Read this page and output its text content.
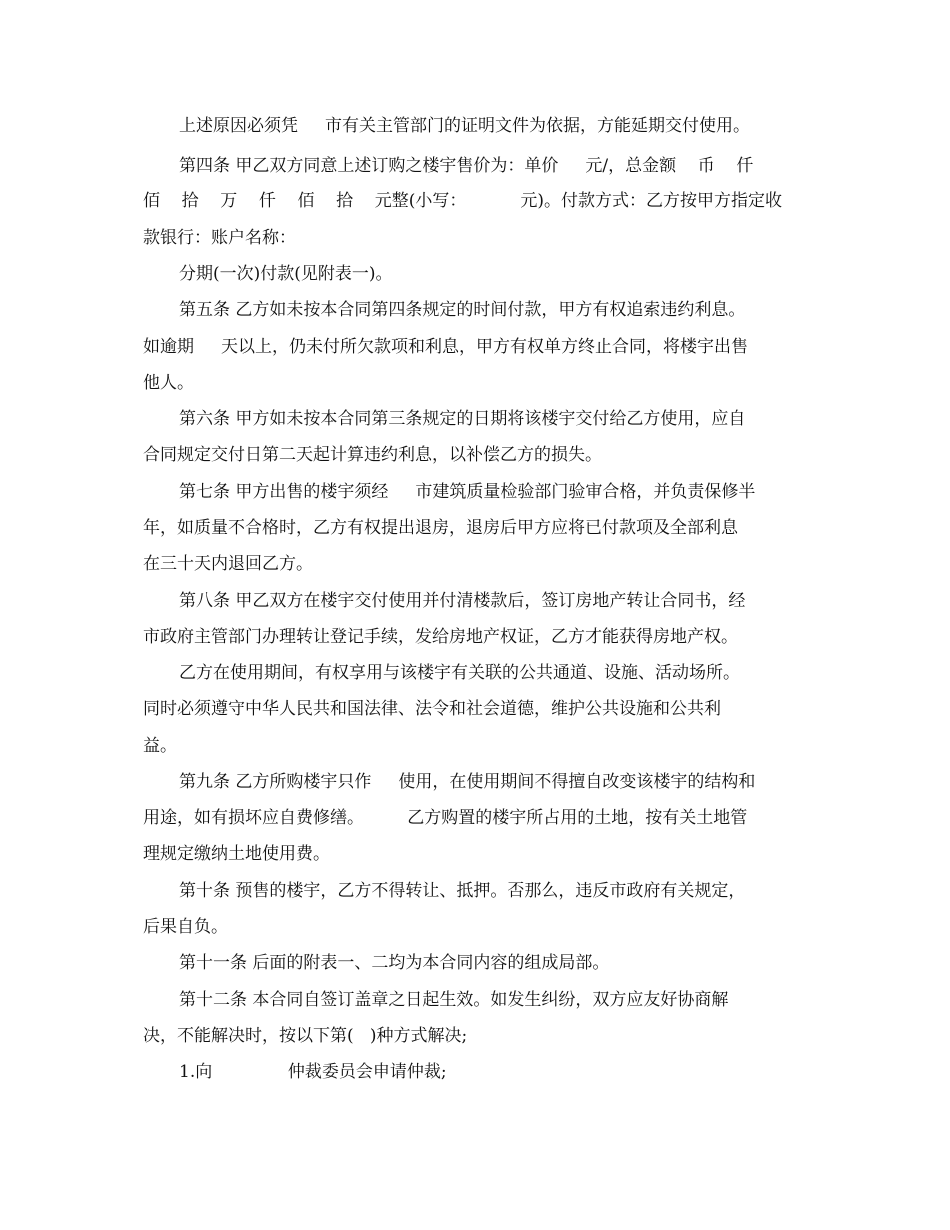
上述原因必须凭     市有关主管部门的证明文件为依据，方能延期交付使用。
第四条 甲乙双方同意上述订购之楼宇售价为：单价     元/，总金额    币    仟
佰    拾    万    仟    佰    拾    元整(小写：          元)。付款方式：乙方按甲方指定收
款银行：账户名称：
分期(一次)付款(见附表一)。
第五条 乙方如未按本合同第四条规定的时间付款，甲方有权追索违约利息。
如逾期     天以上，仍未付所欠款项和利息，甲方有权单方终止合同，将楼宇出售
他人。
第六条 甲方如未按本合同第三条规定的日期将该楼宇交付给乙方使用，应自
合同规定交付日第二天起计算违约利息，以补偿乙方的损失。
第七条 甲方出售的楼宇须经     市建筑质量检验部门验审合格，并负责保修半
年，如质量不合格时，乙方有权提出退房，退房后甲方应将已付款项及全部利息
在三十天内退回乙方。
第八条 甲乙双方在楼宇交付使用并付清楼款后，签订房地产转让合同书，经
市政府主管部门办理转让登记手续，发给房地产权证，乙方才能获得房地产权。
乙方在使用期间，有权享用与该楼宇有关联的公共通道、设施、活动场所。
同时必须遵守中华人民共和国法律、法令和社会道德，维护公共设施和公共利
益。
第九条 乙方所购楼宇只作     使用，在使用期间不得擅自改变该楼宇的结构和
用途，如有损坏应自费修缮。        乙方购置的楼宇所占用的土地，按有关土地管
理规定缴纳土地使用费。
第十条 预售的楼宇，乙方不得转让、抵押。否那么，违反市政府有关规定，
后果自负。
第十一条 后面的附表一、二均为本合同内容的组成局部。
第十二条 本合同自签订盖章之日起生效。如发生纠纷，双方应友好协商解
决，不能解决时，按以下第(   )种方式解决;
1.向              仲裁委员会申请仲裁;
